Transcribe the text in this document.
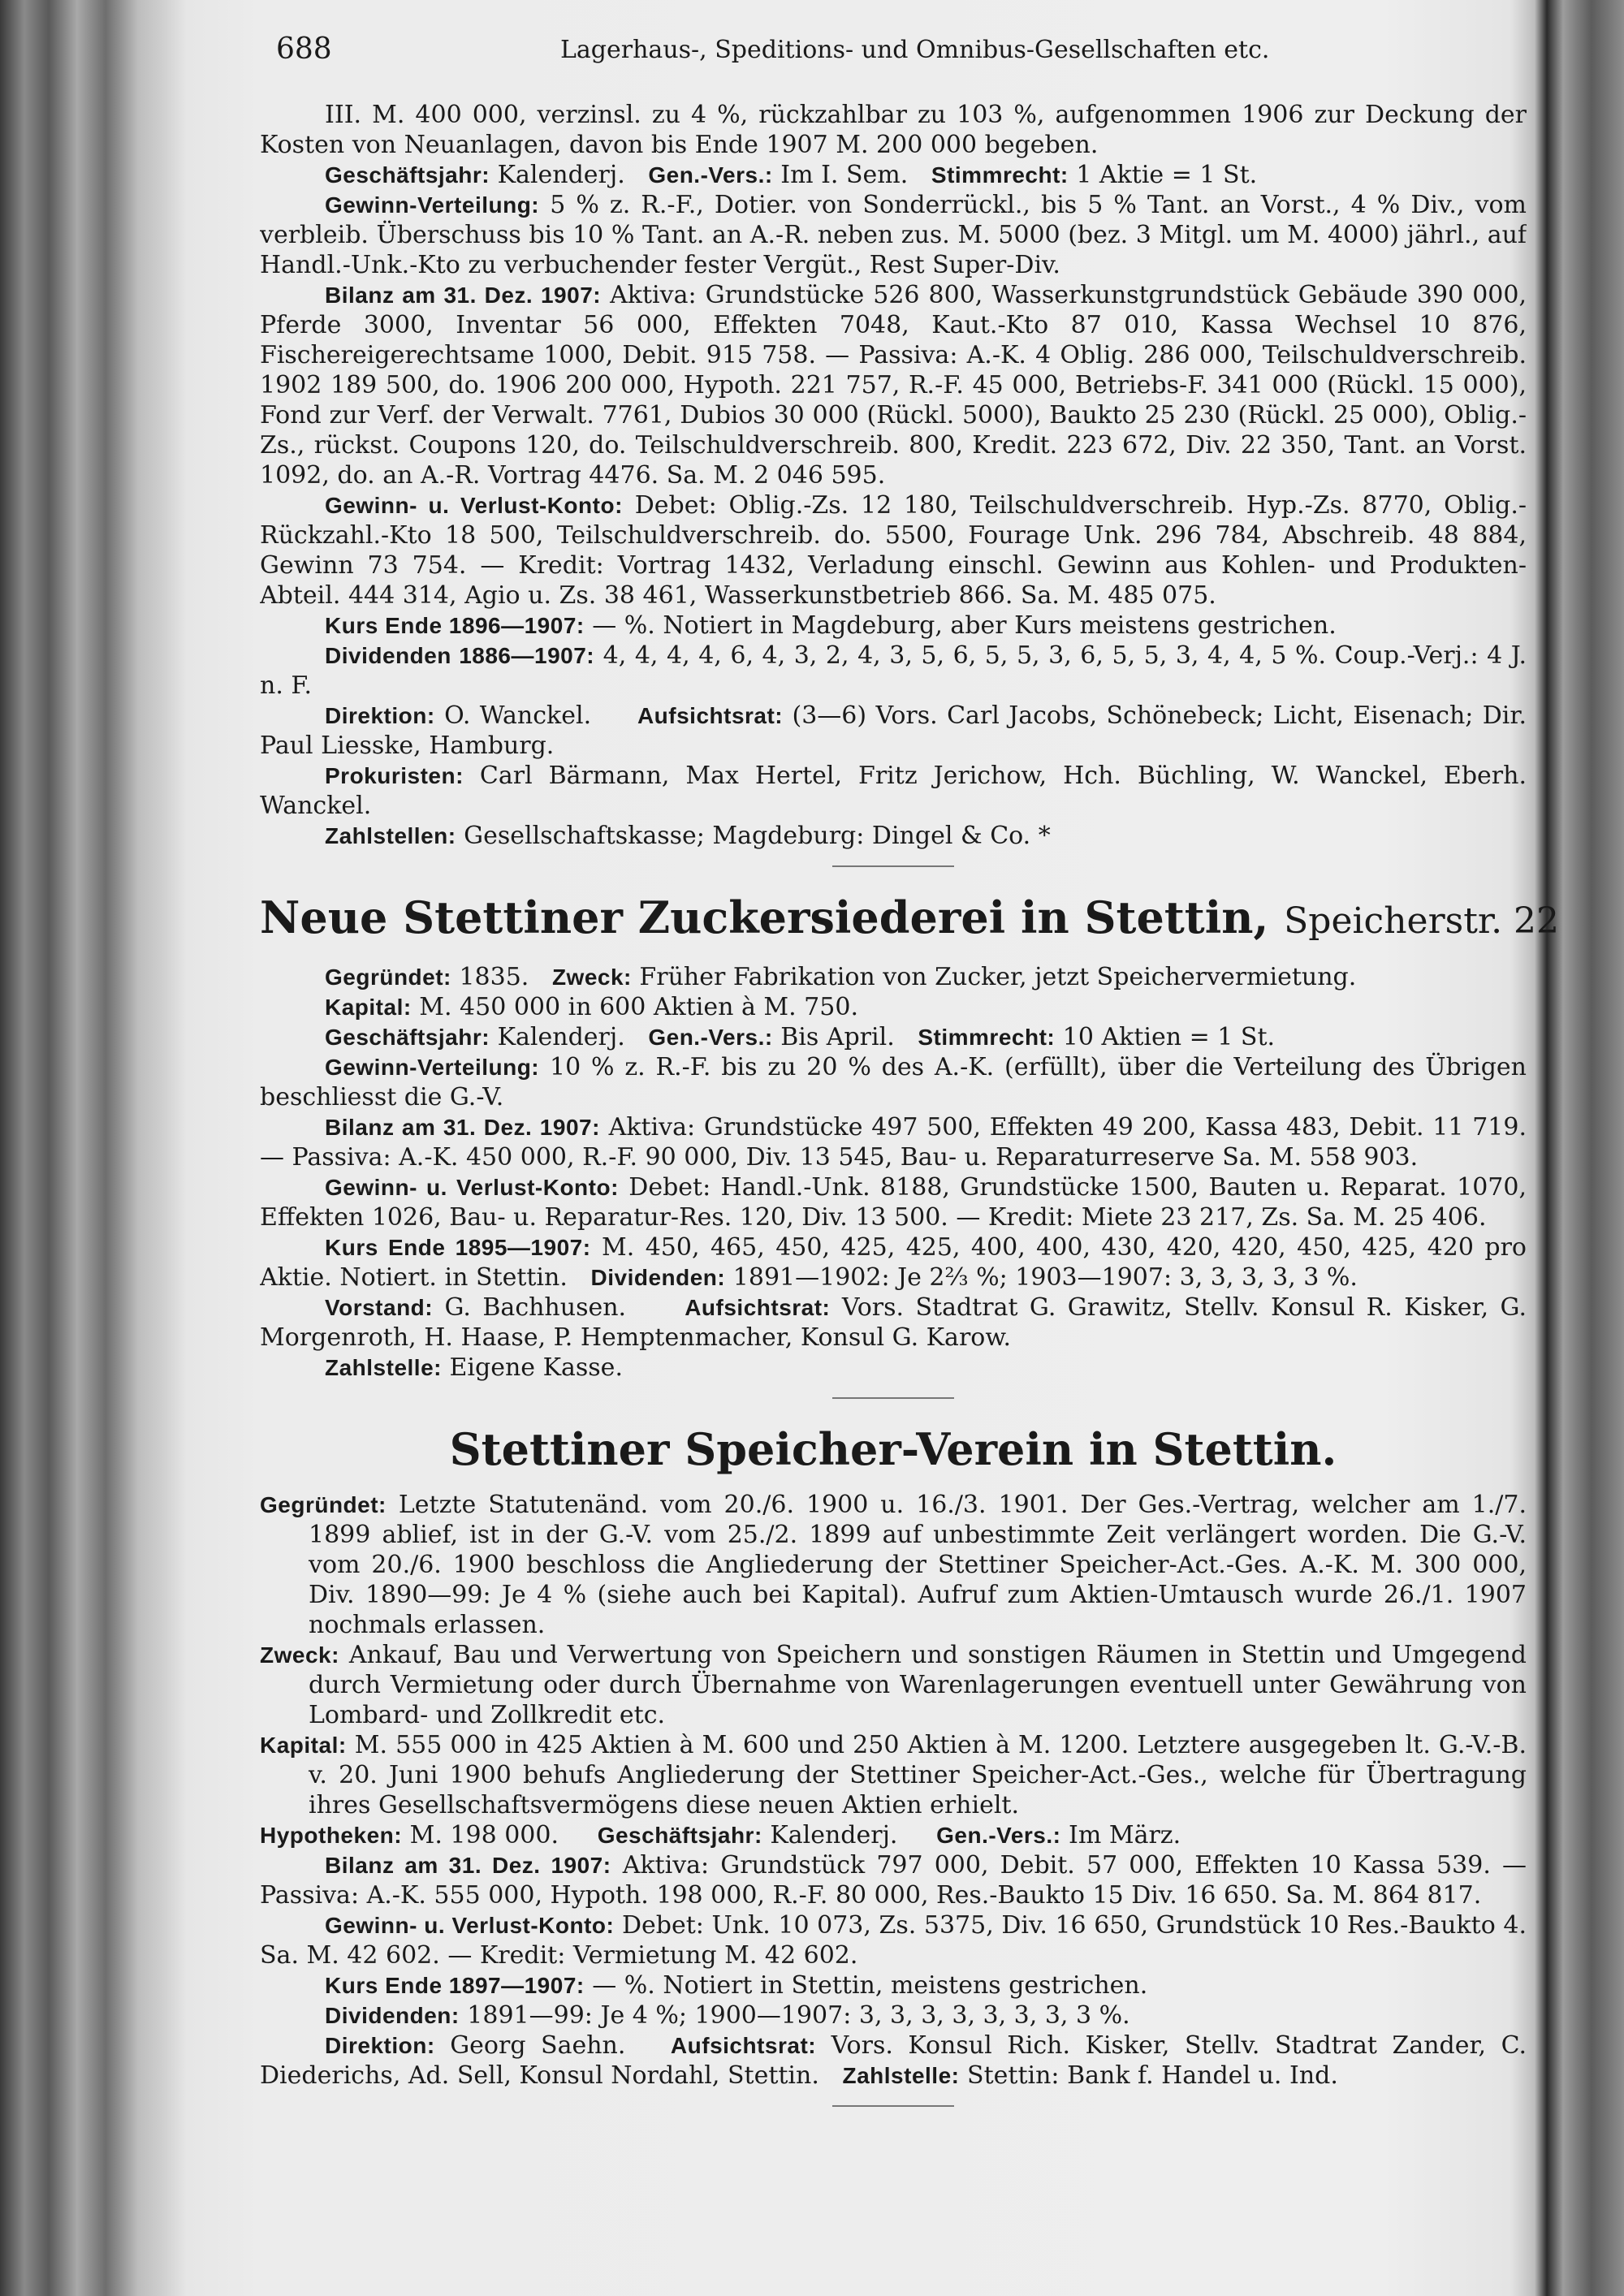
688	Lagerhaus-, Speditions- und Omnibus-Gesellschaften etc.

III. M. 400 000, verzinsl. zu 4 %, rückzahlbar zu 103 %, aufgenommen 1906 zur Deckung der Kosten von Neuanlagen, davon bis Ende 1907 M. 200 000 begeben.

Geschäftsjahr: Kalenderj. Gen.-Vers.: Im I. Sem. Stimmrecht: 1 Aktie = 1 St.

Gewinn-Verteilung: 5 % z. R.-F., Dotier. von Sonderrückl., bis 5 % Tant. an Vorst., 4 % Div., vom verbleib. Überschuss bis 10 % Tant. an A.-R. neben zus. M. 5000 (bez. 3 Mitgl. um M. 4000) jährl., auf Handl.-Unk.-Kto zu verbuchender fester Vergüt., Rest Super-Div.

Bilanz am 31. Dez. 1907: Aktiva: Grundstücke 526 800, Wasserkunstgrundstück Gebäude 390 000, Pferde 3000, Inventar 56 000, Effekten 7048, Kaut.-Kto 87 010, Kassa Wechsel 10 876, Fischereigerechtsame 1000, Debit. 915 758. — Passiva: A.-K. 4 Oblig. 286 000, Teilschuldverschreib. 1902 189 500, do. 1906 200 000, Hypoth. 221 757, R.-F. 45 000, Betriebs-F. 341 000 (Rückl. 15 000), Fond zur Verf. der Verwalt. 7761, Dubios 30 000 (Rückl. 5000), Baukto 25 230 (Rückl. 25 000), Oblig.-Zs., rückst. Coupons 120, do. Teilschuldverschreib. 800, Kredit. 223 672, Div. 22 350, Tant. an Vorst. 1092, do. an A.-R. Vortrag 4476. Sa. M. 2 046 595.

Gewinn- u. Verlust-Konto: Debet: Oblig.-Zs. 12 180, Teilschuldverschreib. Hyp.-Zs. 8770, Oblig.-Rückzahl.-Kto 18 500, Teilschuldverschreib. do. 5500, Fourage Unk. 296 784, Abschreib. 48 884, Gewinn 73 754. — Kredit: Vortrag 1432, Verladung einschl. Gewinn aus Kohlen- und Produkten-Abteil. 444 314, Agio u. Zs. 38 461, Wasserkunstbetrieb 866. Sa. M. 485 075.

Kurs Ende 1896—1907: — %. Notiert in Magdeburg, aber Kurs meistens gestrichen.

Dividenden 1886—1907: 4, 4, 4, 4, 6, 4, 3, 2, 4, 3, 5, 6, 5, 5, 3, 6, 5, 5, 3, 4, 4, 5 %. Coup.-Verj.: 4 J. n. F.

Direktion: O. Wanckel. Aufsichtsrat: (3—6) Vors. Carl Jacobs, Schönebeck; Licht, Eisenach; Dir. Paul Liesske, Hamburg.

Prokuristen: Carl Bärmann, Max Hertel, Fritz Jerichow, Hch. Büchling, W. Wanckel, Eberh. Wanckel.

Zahlstellen: Gesellschaftskasse; Magdeburg: Dingel & Co. *

Neue Stettiner Zuckersiederei in Stettin, Speicherstr. 22

Gegründet: 1835. Zweck: Früher Fabrikation von Zucker, jetzt Speichervermietung.

Kapital: M. 450 000 in 600 Aktien à M. 750.

Geschäftsjahr: Kalenderj. Gen.-Vers.: Bis April. Stimmrecht: 10 Aktien = 1 St.

Gewinn-Verteilung: 10 % z. R.-F. bis zu 20 % des A.-K. (erfüllt), über die Verteilung des Übrigen beschliesst die G.-V.

Bilanz am 31. Dez. 1907: Aktiva: Grundstücke 497 500, Effekten 49 200, Kassa 483, Debit. 11 719. — Passiva: A.-K. 450 000, R.-F. 90 000, Div. 13 545, Bau- u. Reparaturreserve Sa. M. 558 903.

Gewinn- u. Verlust-Konto: Debet: Handl.-Unk. 8188, Grundstücke 1500, Bauten u. Reparat. 1070, Effekten 1026, Bau- u. Reparatur-Res. 120, Div. 13 500. — Kredit: Miete 23 217, Zs. Sa. M. 25 406.

Kurs Ende 1895—1907: M. 450, 465, 450, 425, 425, 400, 400, 430, 420, 420, 450, 425, 420 pro Aktie. Notiert. in Stettin. Dividenden: 1891—1902: Je 2⅔ %; 1903—1907: 3, 3, 3, 3, 3 %.

Vorstand: G. Bachhusen.	Aufsichtsrat: Vors. Stadtrat G. Grawitz, Stellv. Konsul R. Kisker, G. Morgenroth, H. Haase, P. Hemptenmacher, Konsul G. Karow.

Zahlstelle: Eigene Kasse.

Stettiner Speicher-Verein in Stettin.

Gegründet: Letzte Statutenänd. vom 20./6. 1900 u. 16./3. 1901. Der Ges.-Vertrag, welcher am 1./7. 1899 ablief, ist in der G.-V. vom 25./2. 1899 auf unbestimmte Zeit verlängert worden. Die G.-V. vom 20./6. 1900 beschloss die Angliederung der Stettiner Speicher-Act.-Ges. A.-K. M. 300 000, Div. 1890—99: Je 4 % (siehe auch bei Kapital). Aufruf zum Aktien-Umtausch wurde 26./1. 1907 nochmals erlassen.

Zweck: Ankauf, Bau und Verwertung von Speichern und sonstigen Räumen in Stettin und Umgegend durch Vermietung oder durch Übernahme von Warenlagerungen eventuell unter Gewährung von Lombard- und Zollkredit etc.

Kapital: M. 555 000 in 425 Aktien à M. 600 und 250 Aktien à M. 1200. Letztere ausgegeben lt. G.-V.-B. v. 20. Juni 1900 behufs Angliederung der Stettiner Speicher-Act.-Ges., welche für Übertragung ihres Gesellschaftsvermögens diese neuen Aktien erhielt.

Hypotheken: M. 198 000. Geschäftsjahr: Kalenderj. Gen.-Vers.: Im März.

Bilanz am 31. Dez. 1907: Aktiva: Grundstück 797 000, Debit. 57 000, Effekten 10 Kassa 539. — Passiva: A.-K. 555 000, Hypoth. 198 000, R.-F. 80 000, Res.-Baukto 15 Div. 16 650. Sa. M. 864 817.

Gewinn- u. Verlust-Konto: Debet: Unk. 10 073, Zs. 5375, Div. 16 650, Grundstück 10 Res.-Baukto 4. Sa. M. 42 602. — Kredit: Vermietung M. 42 602.

Kurs Ende 1897—1907: — %. Notiert in Stettin, meistens gestrichen.

Dividenden: 1891—99: Je 4 %; 1900—1907: 3, 3, 3, 3, 3, 3, 3, 3 %.

Direktion: Georg Saehn. Aufsichtsrat: Vors. Konsul Rich. Kisker, Stellv. Stadtrat Zander, C. Diederichs, Ad. Sell, Konsul Nordahl, Stettin. Zahlstelle: Stettin: Bank f. Handel u. Ind.
